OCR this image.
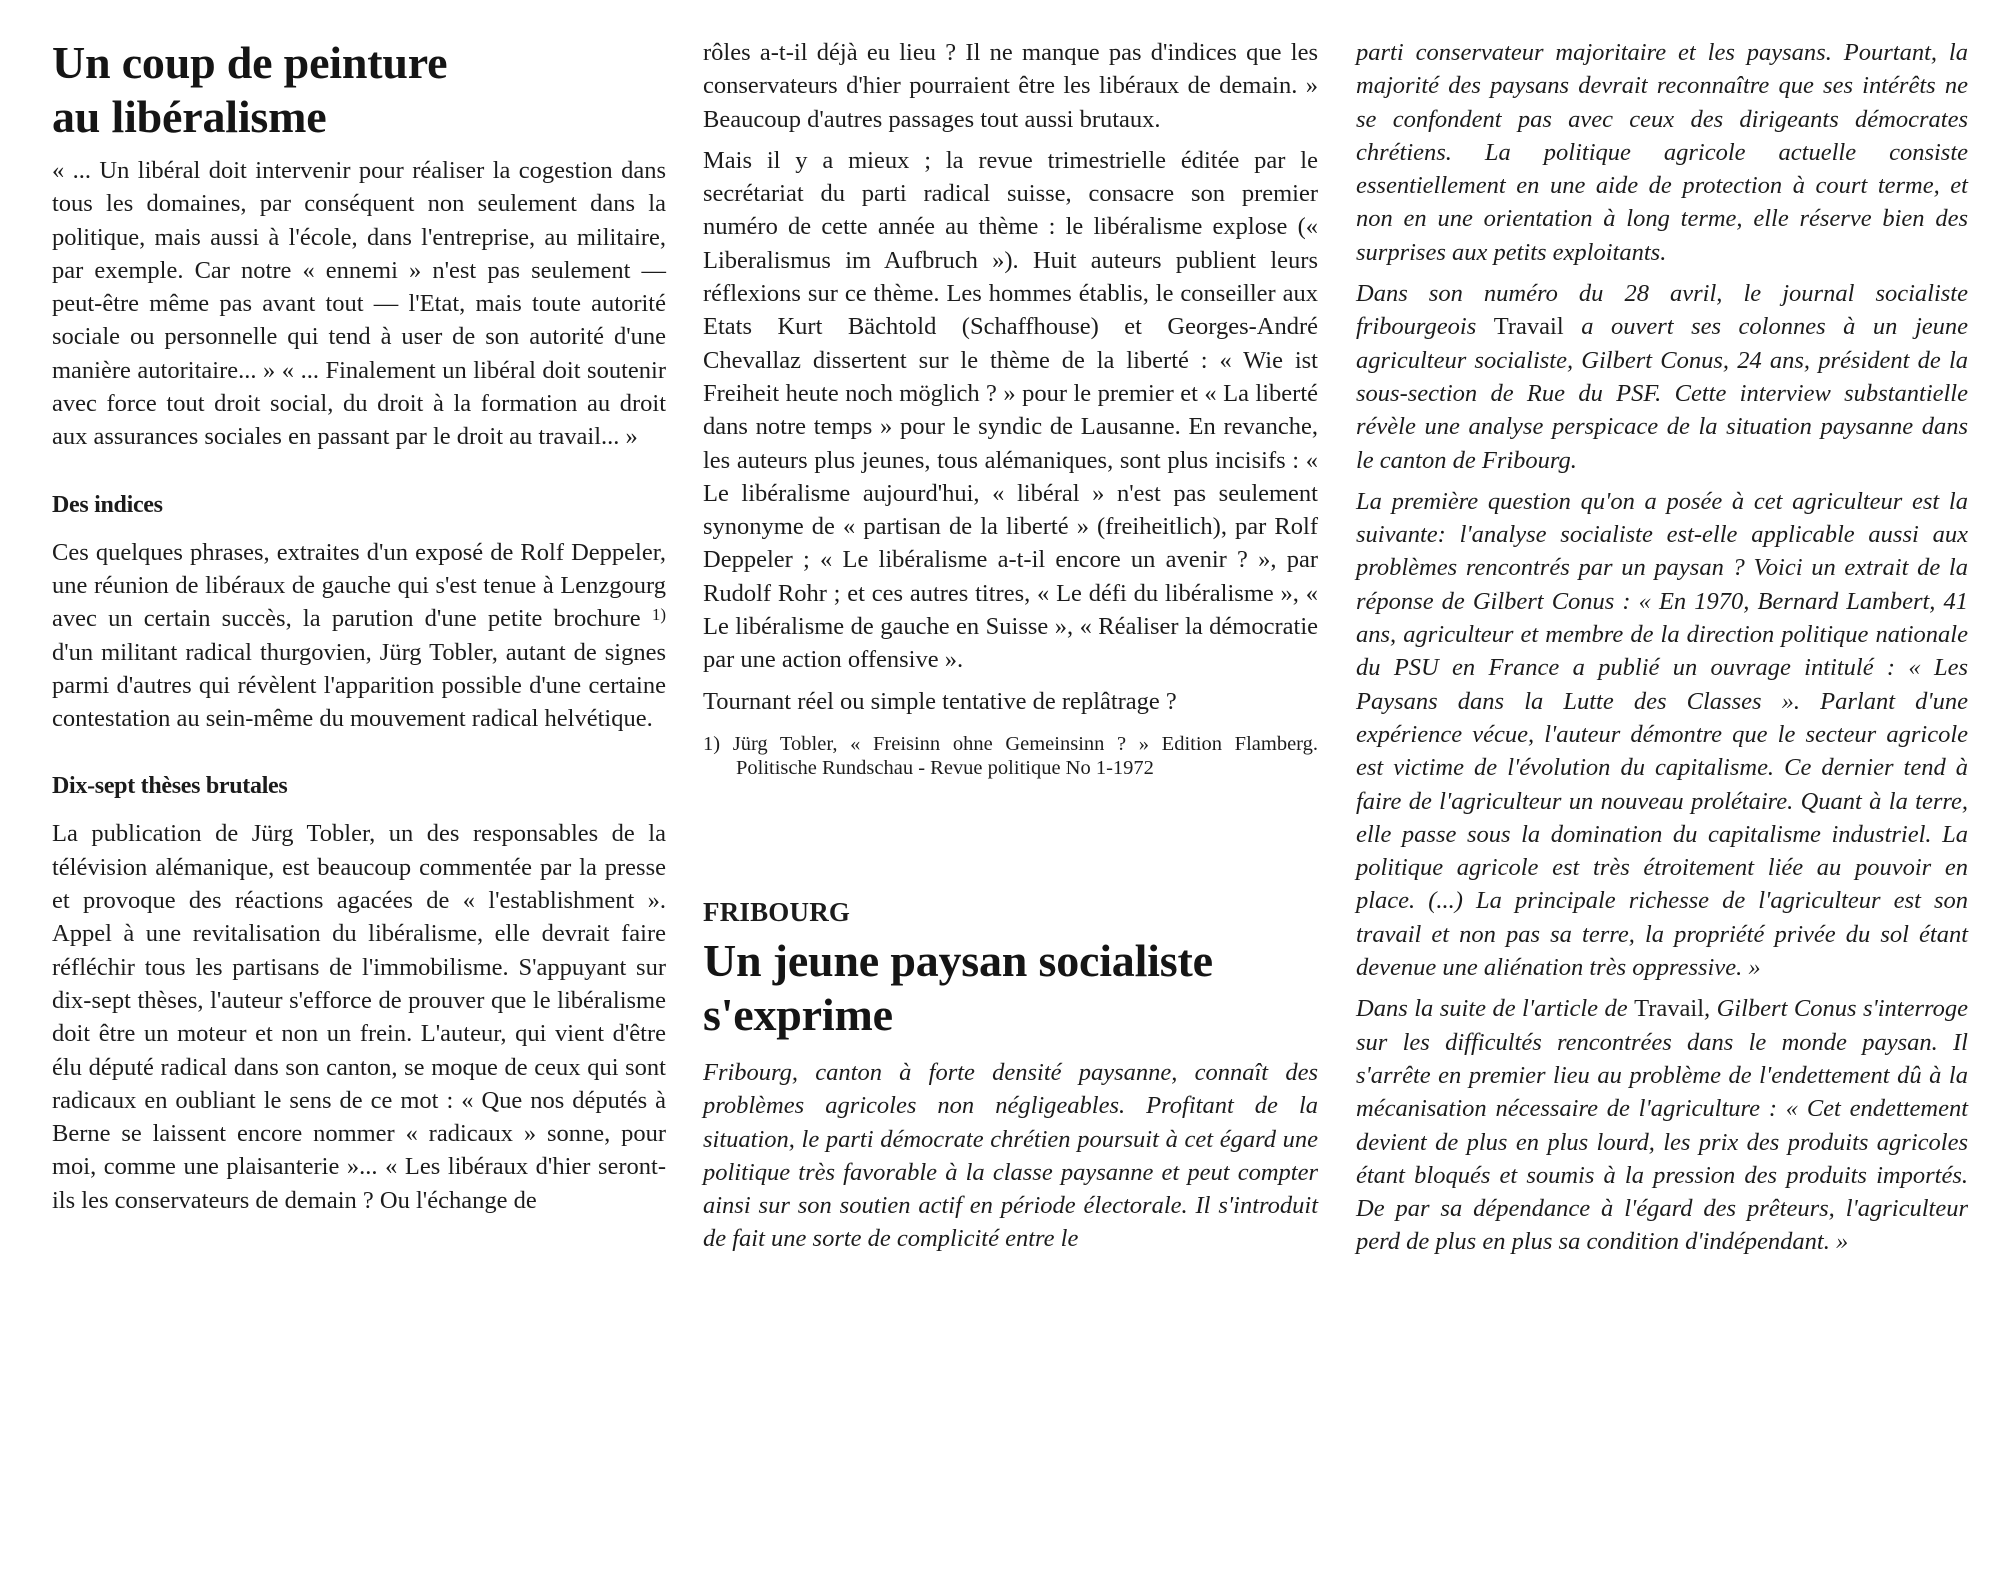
Un coup de peinture
au libéralisme

« ... Un libéral doit intervenir pour réaliser la cogestion dans tous les domaines, par conséquent non seulement dans la politique, mais aussi à l'école, dans l'entreprise, au militaire, par exemple. Car notre « ennemi » n'est pas seulement — peut-être même pas avant tout — l'Etat, mais toute autorité sociale ou personnelle qui tend à user de son autorité d'une manière autoritaire... » « ... Finalement un libéral doit soutenir avec force tout droit social, du droit à la formation au droit aux assurances sociales en passant par le droit au travail... »

Des indices

Ces quelques phrases, extraites d'un exposé de Rolf Deppeler, une réunion de libéraux de gauche qui s'est tenue à Lenzgourg avec un certain succès, la parution d'une petite brochure $^{1)}$ d'un militant radical thurgovien, Jürg Tobler, autant de signes parmi d'autres qui révèlent l'apparition possible d'une certaine contestation au sein-même du mouvement radical helvétique.

Dix-sept thèses brutales

La publication de Jürg Tobler, un des responsables de la télévision alémanique, est beaucoup commentée par la presse et provoque des réactions agacées de « l'establishment ». Appel à une revitalisation du libéralisme, elle devrait faire réfléchir tous les partisans de l'immobilisme. S'appuyant sur dix-sept thèses, l'auteur s'efforce de prouver que le libéralisme doit être un moteur et non un frein. L'auteur, qui vient d'être élu député radical dans son canton, se moque de ceux qui sont radicaux en oubliant le sens de ce mot : « Que nos députés à Berne se laissent encore nommer « radicaux » sonne, pour moi, comme une plaisanterie »... « Les libéraux d'hier seront-ils les conservateurs de demain ? Ou l'échange de

rôles a-t-il déjà eu lieu ? Il ne manque pas d'indices que les conservateurs d'hier pourraient être les libéraux de demain. » Beaucoup d'autres passages tout aussi brutaux.

Mais il y a mieux ; la revue trimestrielle éditée par le secrétariat du parti radical suisse, consacre son premier numéro de cette année au thème : le libéralisme explose (« Liberalismus im Aufbruch »). Huit auteurs publient leurs réflexions sur ce thème. Les hommes établis, le conseiller aux Etats Kurt Bächtold (Schaffhouse) et Georges-André Chevallaz dissertent sur le thème de la liberté : « Wie ist Freiheit heute noch möglich ? » pour le premier et « La liberté dans notre temps » pour le syndic de Lausanne. En revanche, les auteurs plus jeunes, tous alémaniques, sont plus incisifs : « Le libéralisme aujourd'hui, « libéral » n'est pas seulement synonyme de « partisan de la liberté » (freiheitlich), par Rolf Deppeler ; « Le libéralisme a-t-il encore un avenir ? », par Rudolf Rohr ; et ces autres titres, « Le défi du libéralisme », « Le libéralisme de gauche en Suisse », « Réaliser la démocratie par une action offensive ».

Tournant réel ou simple tentative de replâtrage ?

1) Jürg Tobler, « Freisinn ohne Gemeinsinn ? » Edition Flamberg. Politische Rundschau - Revue politique No 1-1972

FRIBOURG
Un jeune paysan socialiste
s'exprime

Fribourg, canton à forte densité paysanne, connaît des problèmes agricoles non négligeables. Profitant de la situation, le parti démocrate chrétien poursuit à cet égard une politique très favorable à la classe paysanne et peut compter ainsi sur son soutien actif en période électorale. Il s'introduit de fait une sorte de complicité entre le

parti conservateur majoritaire et les paysans. Pourtant, la majorité des paysans devrait reconnaître que ses intérêts ne se confondent pas avec ceux des dirigeants démocrates chrétiens. La politique agricole actuelle consiste essentiellement en une aide de protection à court terme, et non en une orientation à long terme, elle réserve bien des surprises aux petits exploitants.

Dans son numéro du 28 avril, le journal socialiste fribourgeois Travail a ouvert ses colonnes à un jeune agriculteur socialiste, Gilbert Conus, 24 ans, président de la sous-section de Rue du PSF. Cette interview substantielle révèle une analyse perspicace de la situation paysanne dans le canton de Fribourg.

La première question qu'on a posée à cet agriculteur est la suivante: l'analyse socialiste est-elle applicable aussi aux problèmes rencontrés par un paysan ? Voici un extrait de la réponse de Gilbert Conus : « En 1970, Bernard Lambert, 41 ans, agriculteur et membre de la direction politique nationale du PSU en France a publié un ouvrage intitulé : « Les Paysans dans la Lutte des Classes ». Parlant d'une expérience vécue, l'auteur démontre que le secteur agricole est victime de l'évolution du capitalisme. Ce dernier tend à faire de l'agriculteur un nouveau prolétaire. Quant à la terre, elle passe sous la domination du capitalisme industriel. La politique agricole est très étroitement liée au pouvoir en place. (...) La principale richesse de l'agriculteur est son travail et non pas sa terre, la propriété privée du sol étant devenue une aliénation très oppressive. »

Dans la suite de l'article de Travail, Gilbert Conus s'interroge sur les difficultés rencontrées dans le monde paysan. Il s'arrête en premier lieu au problème de l'endettement dû à la mécanisation nécessaire de l'agriculture : « Cet endettement devient de plus en plus lourd, les prix des produits agricoles étant bloqués et soumis à la pression des produits importés. De par sa dépendance à l'égard des prêteurs, l'agriculteur perd de plus en plus sa condition d'indépendant. »
